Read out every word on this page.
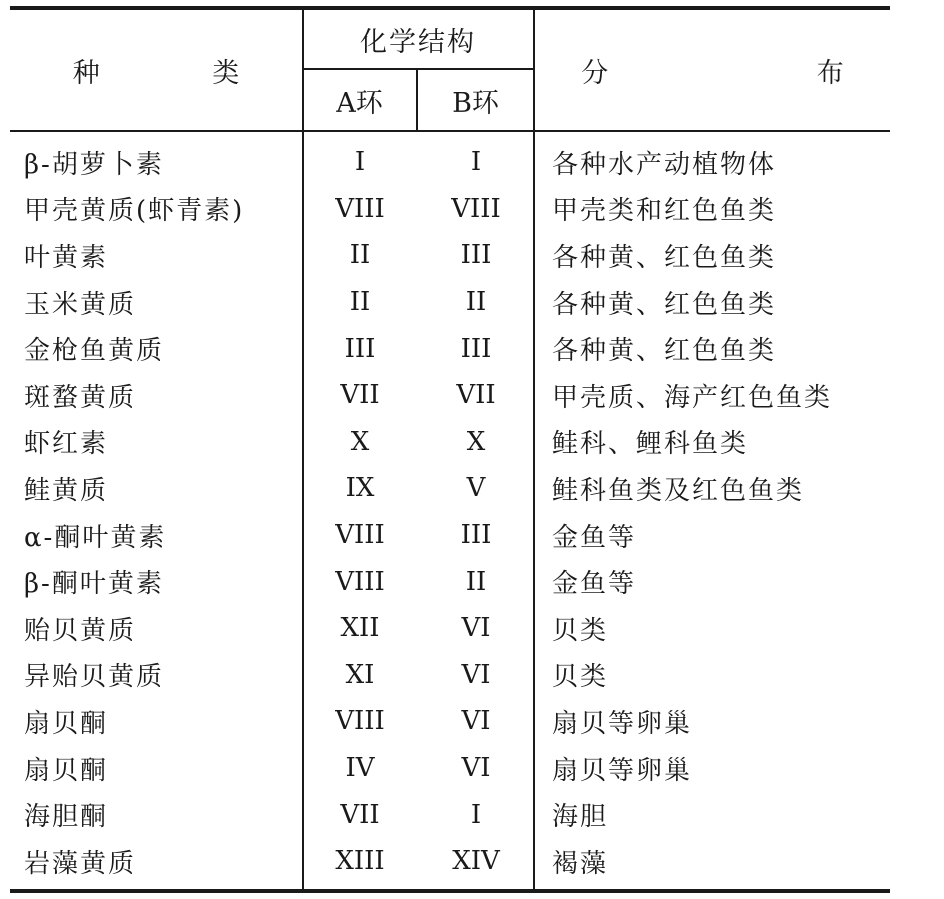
种 类
化学结构
A环	B环
分 布
β-胡萝卜素	I	I	各种水产动植物体
甲壳黄质(虾青素)	VIII	VIII	甲壳类和红色鱼类
叶黄素	II	III	各种黄、红色鱼类
玉米黄质	II	II	各种黄、红色鱼类
金枪鱼黄质	III	III	各种黄、红色鱼类
斑蝥黄质	VII	VII	甲壳质、海产红色鱼类
虾红素	X	X	鲑科、鲤科鱼类
鲑黄质	IX	V	鲑科鱼类及红色鱼类
α-酮叶黄素	VIII	III	金鱼等
β-酮叶黄素	VIII	II	金鱼等
贻贝黄质	XII	VI	贝类
异贻贝黄质	XI	VI	贝类
扇贝酮	VIII	VI	扇贝等卵巢
扇贝酮	IV	VI	扇贝等卵巢
海胆酮	VII	I	海胆
岩藻黄质	XIII	XIV	褐藻
